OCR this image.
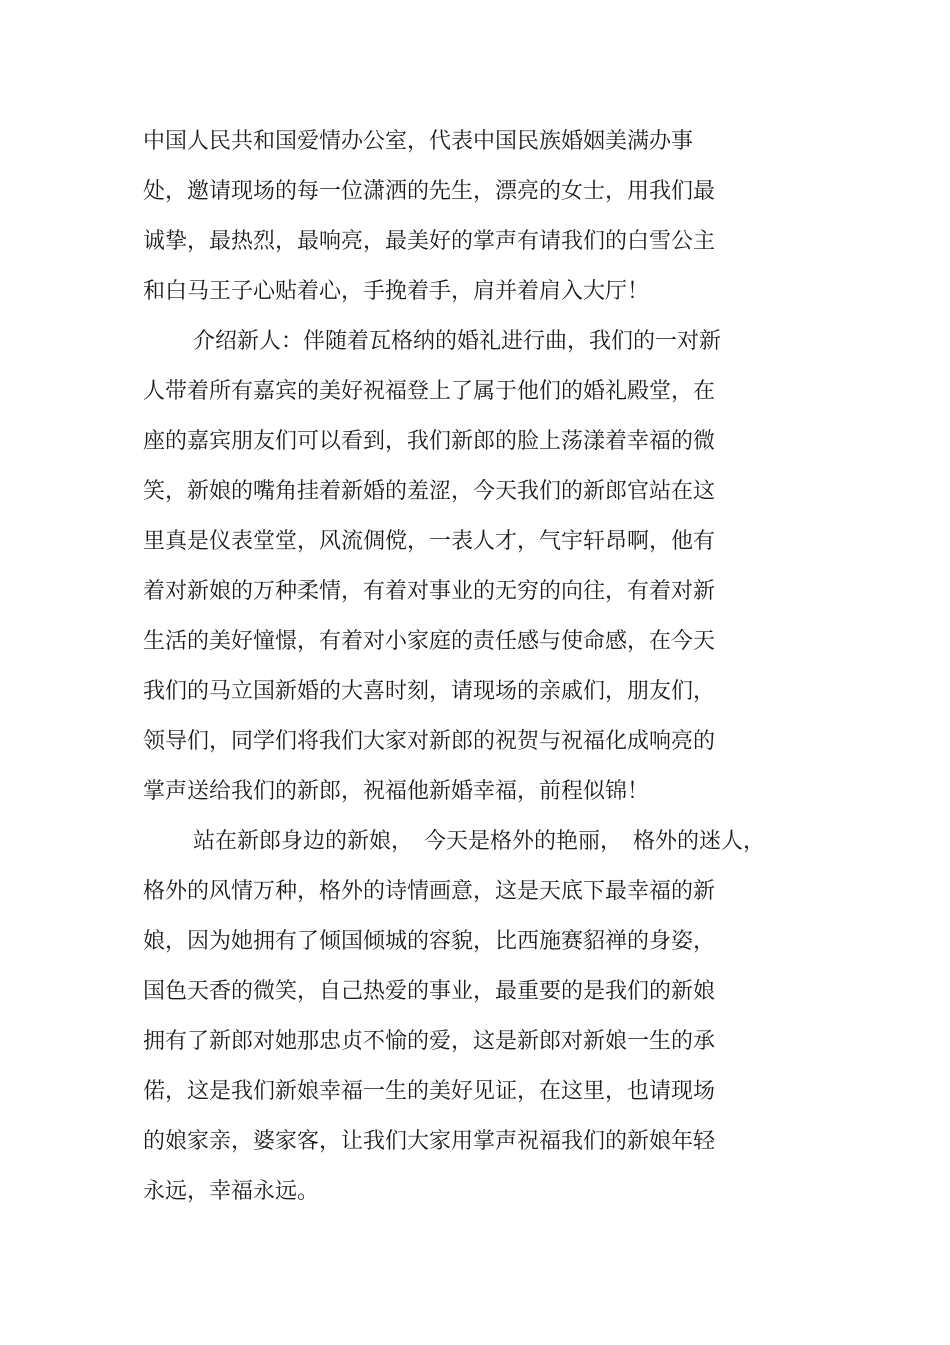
中国人民共和国爱情办公室，代表中国民族婚姻美满办事

处，邀请现场的每一位潇洒的先生，漂亮的女士，用我们最

诚挚，最热烈，最响亮，最美好的掌声有请我们的白雪公主

和白马王子心贴着心，手挽着手，肩并着肩入大厅！

介绍新人：伴随着瓦格纳的婚礼进行曲，我们的一对新

人带着所有嘉宾的美好祝福登上了属于他们的婚礼殿堂，在

座的嘉宾朋友们可以看到，我们新郎的脸上荡漾着幸福的微

笑，新娘的嘴角挂着新婚的羞涩，今天我们的新郎官站在这

里真是仪表堂堂，风流倜傥，一表人才，气宇轩昂啊，他有

着对新娘的万种柔情，有着对事业的无穷的向往，有着对新

生活的美好憧憬，有着对小家庭的责任感与使命感，在今天

我们的马立国新婚的大喜时刻，请现场的亲戚们，朋友们，

领导们，同学们将我们大家对新郎的祝贺与祝福化成响亮的

掌声送给我们的新郎，祝福他新婚幸福，前程似锦！

站在新郎身边的新娘，　今天是格外的艳丽，　格外的迷人，

格外的风情万种，格外的诗情画意，这是天底下最幸福的新

娘，因为她拥有了倾国倾城的容貌，比西施赛貂禅的身姿，

国色天香的微笑，自己热爱的事业，最重要的是我们的新娘

拥有了新郎对她那忠贞不愉的爱，这是新郎对新娘一生的承

偌，这是我们新娘幸福一生的美好见证，在这里，也请现场

的娘家亲，婆家客，让我们大家用掌声祝福我们的新娘年轻

永远，幸福永远。
